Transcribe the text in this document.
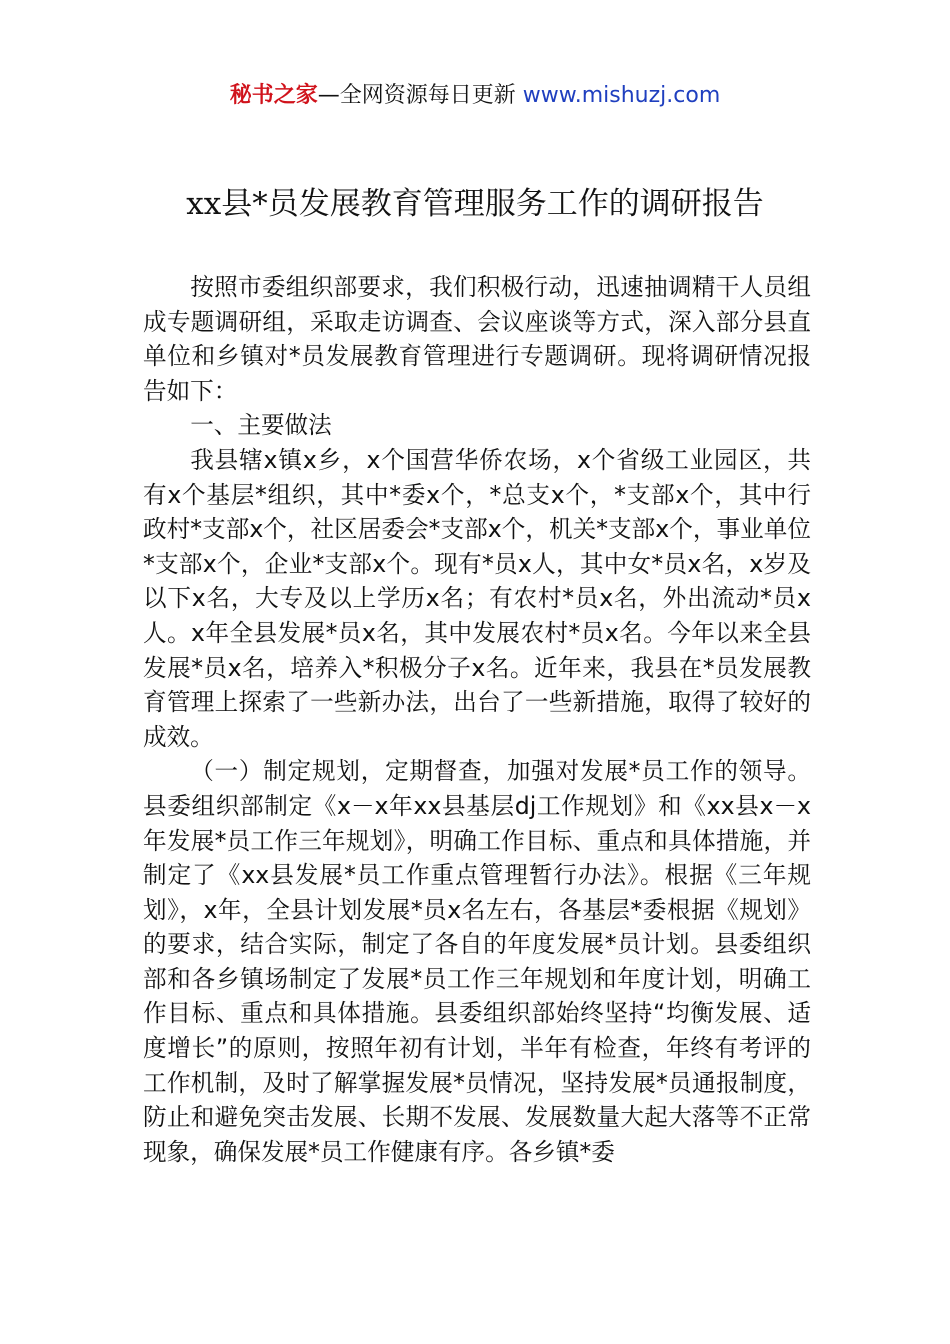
秘书之家—全网资源每日更新 www.mishuzj.com
xx县*员发展教育管理服务工作的调研报告

按照市委组织部要求，我们积极行动，迅速抽调精干人员组成专题调研组，采取走访调查、会议座谈等方式，深入部分县直单位和乡镇对*员发展教育管理进行专题调研。现将调研情况报告如下：

一、主要做法

我县辖x镇x乡，x个国营华侨农场，x个省级工业园区，共有x个基层*组织，其中*委x个，*总支x个，*支部x个，其中行政村*支部x个，社区居委会*支部x个，机关*支部x个，事业单位*支部x个，企业*支部x个。现有*员x人，其中女*员x名，x岁及以下x名，大专及以上学历x名；有农村*员x名，外出流动*员x人。x年全县发展*员x名，其中发展农村*员x名。今年以来全县发展*员x名，培养入*积极分子x名。近年来，我县在*员发展教育管理上探索了一些新办法，出台了一些新措施，取得了较好的成效。

（一）制定规划，定期督查，加强对发展*员工作的领导。县委组织部制定《x－x年xx县基层dj工作规划》和《xx县x－x年发展*员工作三年规划》，明确工作目标、重点和具体措施，并制定了《xx县发展*员工作重点管理暂行办法》。根据《三年规划》，x年，全县计划发展*员x名左右，各基层*委根据《规划》的要求，结合实际，制定了各自的年度发展*员计划。县委组织部和各乡镇场制定了发展*员工作三年规划和年度计划，明确工作目标、重点和具体措施。县委组织部始终坚持“均衡发展、适度增长”的原则，按照年初有计划，半年有检查，年终有考评的工作机制，及时了解掌握发展*员情况，坚持发展*员通报制度，防止和避免突击发展、长期不发展、发展数量大起大落等不正常现象，确保发展*员工作健康有序。各乡镇*委
